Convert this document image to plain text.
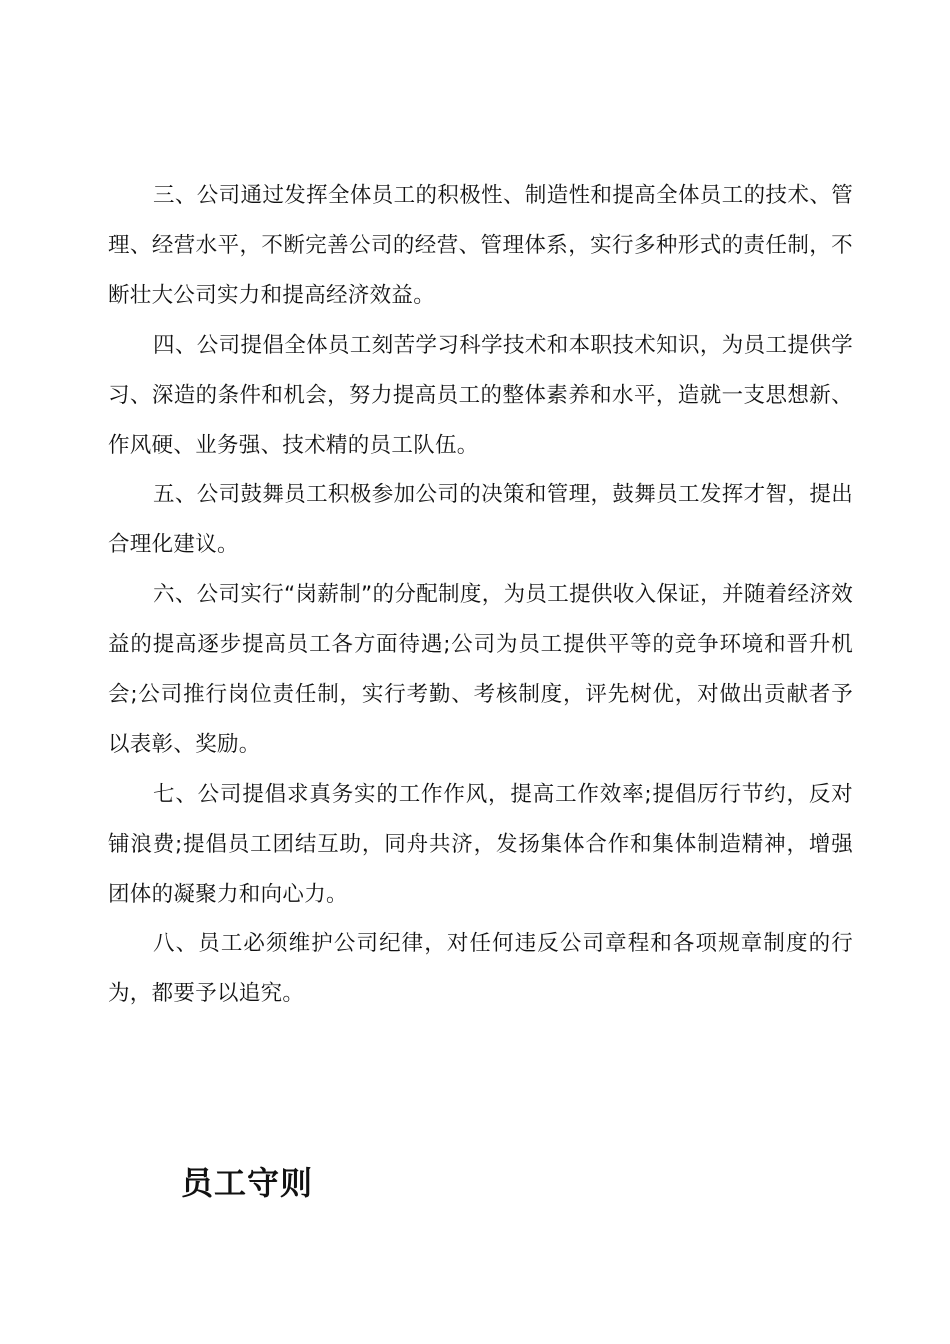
三、公司通过发挥全体员工的积极性、制造性和提高全体员工的技术、管理、经营水平，不断完善公司的经营、管理体系，实行多种形式的责任制，不断壮大公司实力和提高经济效益。

四、公司提倡全体员工刻苦学习科学技术和本职技术知识，为员工提供学习、深造的条件和机会，努力提高员工的整体素养和水平，造就一支思想新、作风硬、业务强、技术精的员工队伍。

五、公司鼓舞员工积极参加公司的决策和管理，鼓舞员工发挥才智，提出合理化建议。

六、公司实行“岗薪制”的分配制度，为员工提供收入保证，并随着经济效益的提高逐步提高员工各方面待遇;公司为员工提供平等的竞争环境和晋升机会;公司推行岗位责任制，实行考勤、考核制度，评先树优，对做出贡献者予以表彰、奖励。

七、公司提倡求真务实的工作作风，提高工作效率;提倡厉行节约，反对铺浪费;提倡员工团结互助，同舟共济，发扬集体合作和集体制造精神，增强团体的凝聚力和向心力。

八、员工必须维护公司纪律，对任何违反公司章程和各项规章制度的行为，都要予以追究。

员工守则
